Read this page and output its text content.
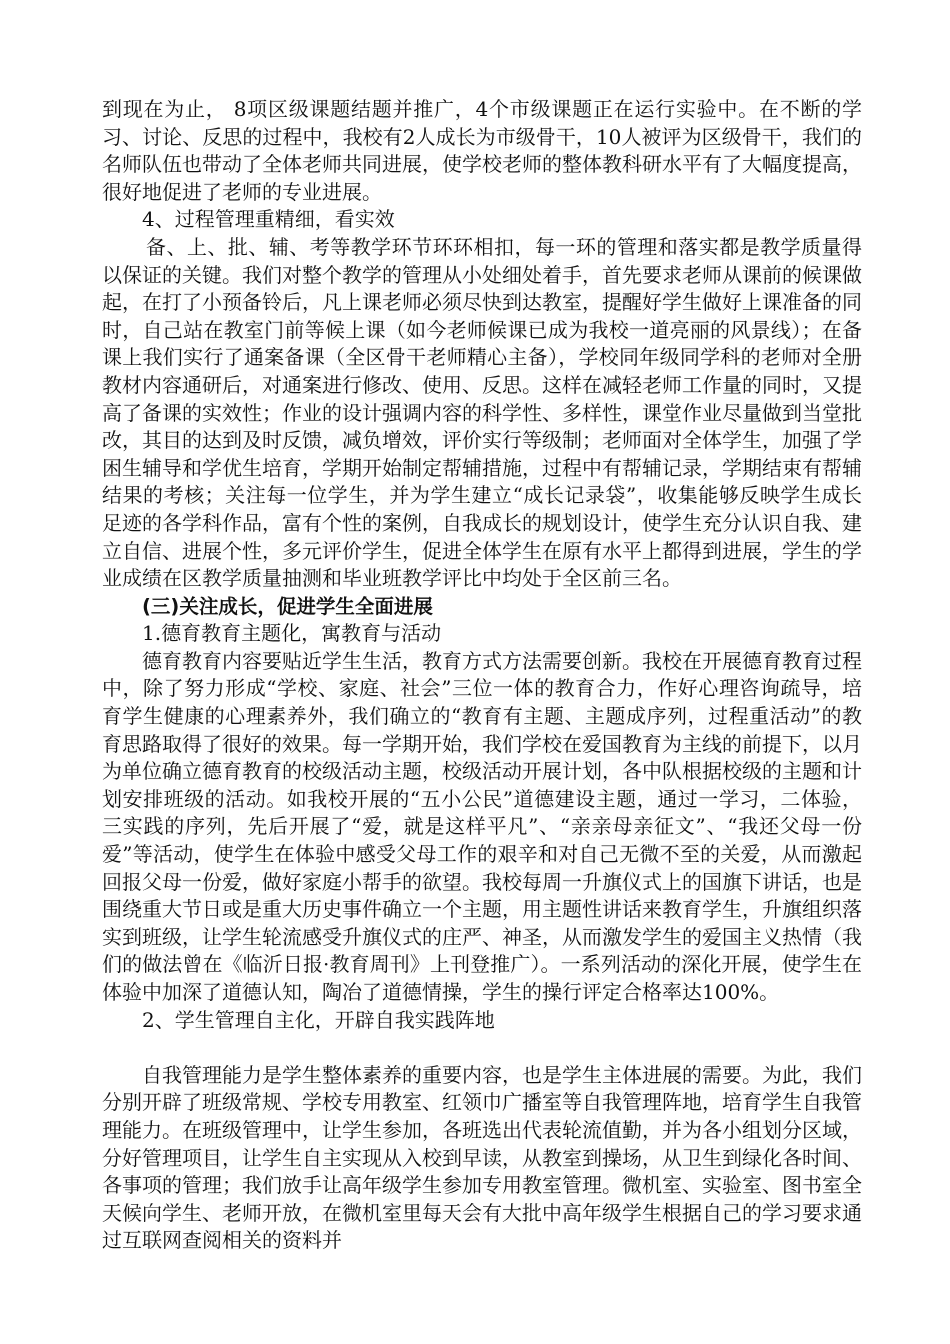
到现在为止， 8项区级课题结题并推广，4个市级课题正在运行实验中。在不断的学习、讨论、反思的过程中，我校有2人成长为市级骨干，10人被评为区级骨干，我们的名师队伍也带动了全体老师共同进展，使学校老师的整体教科研水平有了大幅度提高，很好地促进了老师的专业进展。

4、过程管理重精细，看实效

备、上、批、辅、考等教学环节环环相扣，每一环的管理和落实都是教学质量得以保证的关键。我们对整个教学的管理从小处细处着手，首先要求老师从课前的候课做起，在打了小预备铃后，凡上课老师必须尽快到达教室，提醒好学生做好上课准备的同时，自己站在教室门前等候上课（如今老师候课已成为我校一道亮丽的风景线）；在备课上我们实行了通案备课（全区骨干老师精心主备），学校同年级同学科的老师对全册教材内容通研后，对通案进行修改、使用、反思。这样在减轻老师工作量的同时，又提高了备课的实效性；作业的设计强调内容的科学性、多样性，课堂作业尽量做到当堂批改，其目的达到及时反馈，减负增效，评价实行等级制；老师面对全体学生，加强了学困生辅导和学优生培育，学期开始制定帮辅措施，过程中有帮辅记录，学期结束有帮辅结果的考核；关注每一位学生，并为学生建立“成长记录袋”，收集能够反映学生成长足迹的各学科作品，富有个性的案例，自我成长的规划设计，使学生充分认识自我、建立自信、进展个性，多元评价学生，促进全体学生在原有水平上都得到进展，学生的学业成绩在区教学质量抽测和毕业班教学评比中均处于全区前三名。

(三)关注成长，促进学生全面进展

1.德育教育主题化，寓教育与活动

德育教育内容要贴近学生生活，教育方式方法需要创新。我校在开展德育教育过程中，除了努力形成“学校、家庭、社会”三位一体的教育合力，作好心理咨询疏导，培育学生健康的心理素养外，我们确立的“教育有主题、主题成序列，过程重活动”的教育思路取得了很好的效果。每一学期开始，我们学校在爱国教育为主线的前提下，以月为单位确立德育教育的校级活动主题，校级活动开展计划，各中队根据校级的主题和计划安排班级的活动。如我校开展的“五小公民”道德建设主题，通过一学习，二体验，三实践的序列，先后开展了“爱，就是这样平凡”、“亲亲母亲征文”、“我还父母一份爱”等活动，使学生在体验中感受父母工作的艰辛和对自己无微不至的关爱，从而激起回报父母一份爱，做好家庭小帮手的欲望。我校每周一升旗仪式上的国旗下讲话，也是围绕重大节日或是重大历史事件确立一个主题，用主题性讲话来教育学生，升旗组织落实到班级，让学生轮流感受升旗仪式的庄严、神圣，从而激发学生的爱国主义热情（我们的做法曾在《临沂日报·教育周刊》上刊登推广）。一系列活动的深化开展，使学生在体验中加深了道德认知，陶冶了道德情操，学生的操行评定合格率达100%。

2、学生管理自主化，开辟自我实践阵地

自我管理能力是学生整体素养的重要内容，也是学生主体进展的需要。为此，我们分别开辟了班级常规、学校专用教室、红领巾广播室等自我管理阵地，培育学生自我管理能力。在班级管理中，让学生参加，各班选出代表轮流值勤，并为各小组划分区域，分好管理项目，让学生自主实现从入校到早读，从教室到操场，从卫生到绿化各时间、各事项的管理；我们放手让高年级学生参加专用教室管理。微机室、实验室、图书室全天候向学生、老师开放，在微机室里每天会有大批中高年级学生根据自己的学习要求通过互联网查阅相关的资料并
